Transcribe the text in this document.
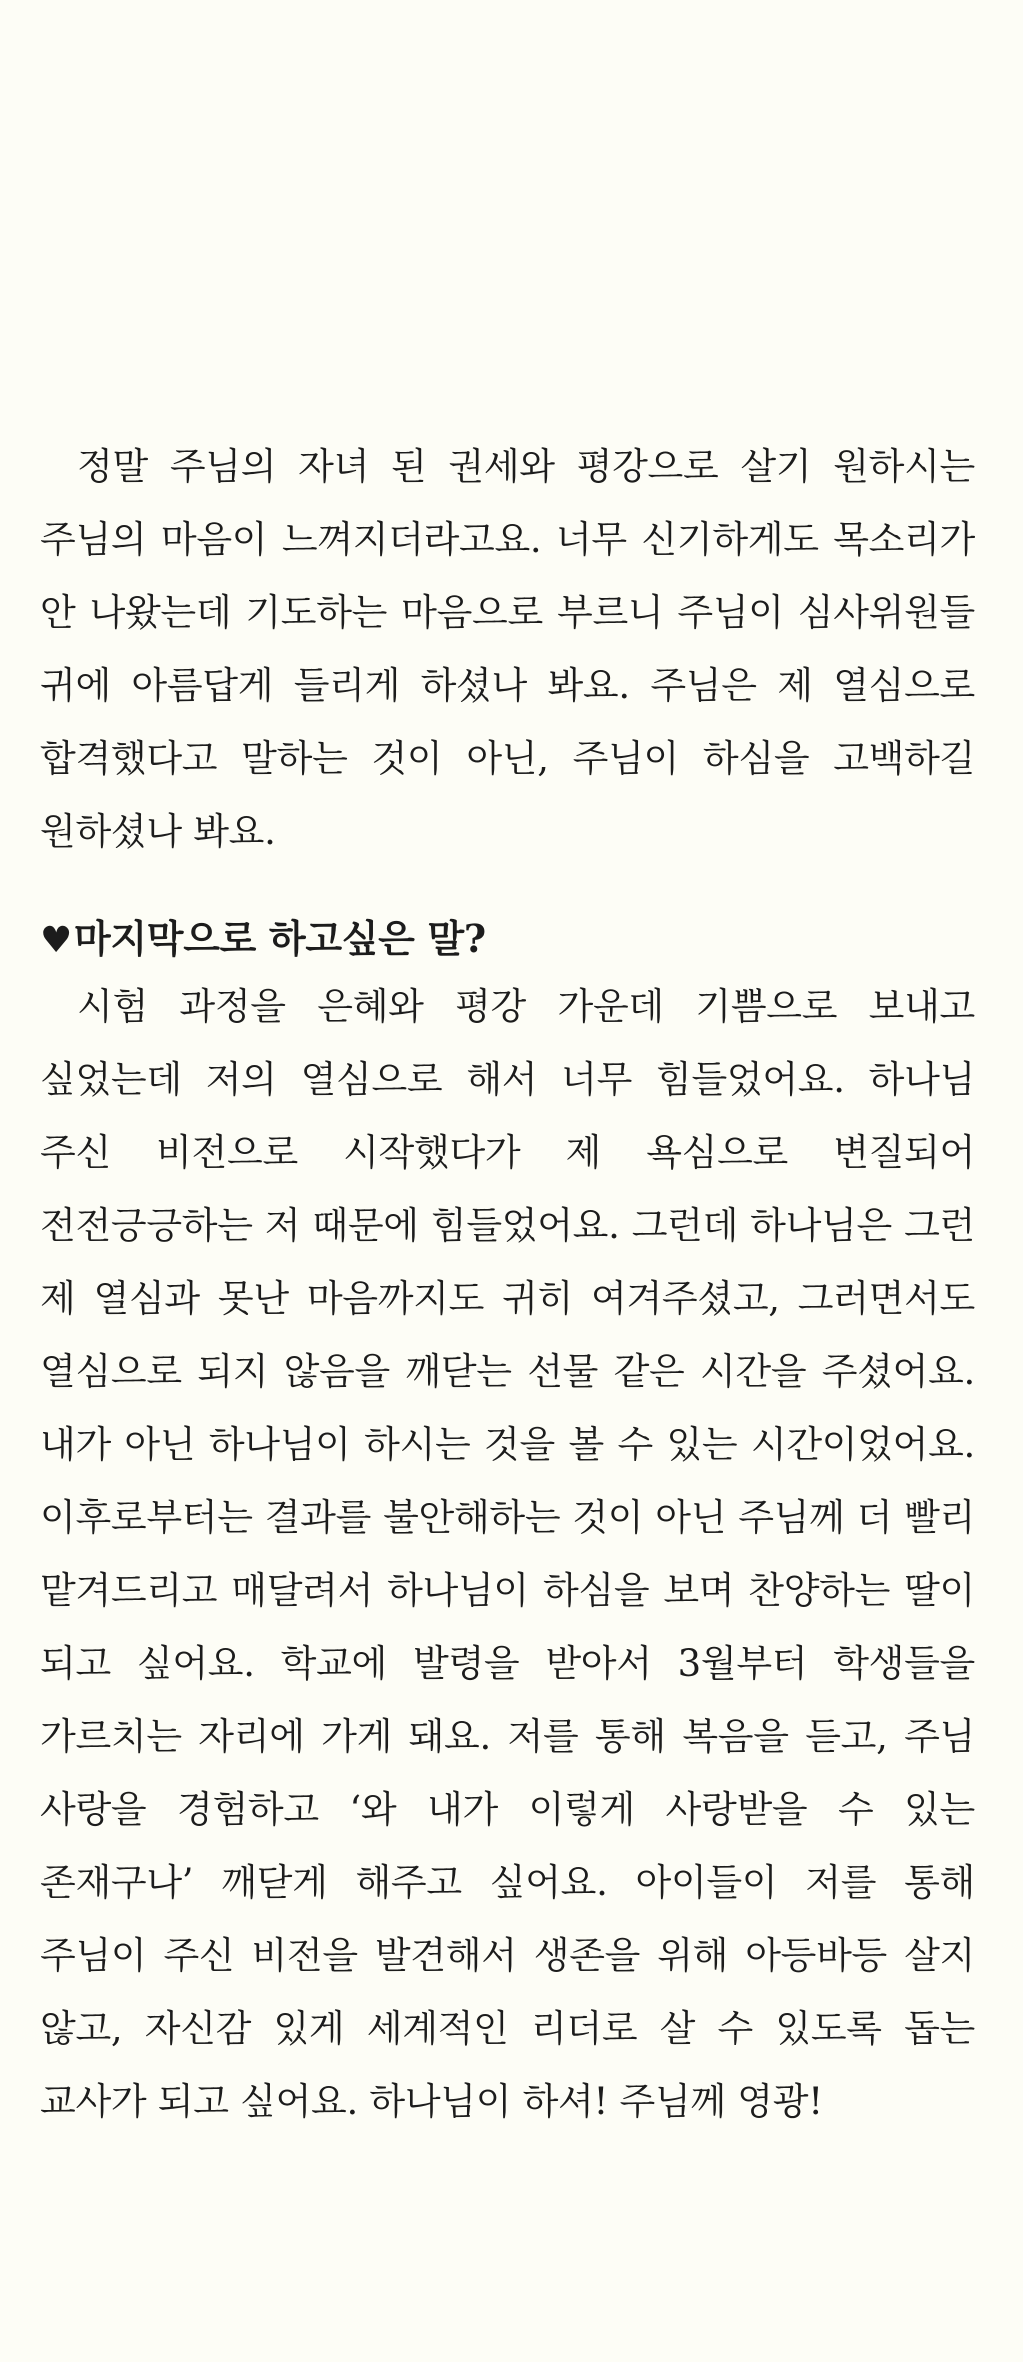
정말 주님의 자녀 된 권세와 평강으로 살기 원하시는 주님의 마음이 느껴지더라고요. 너무 신기하게도 목소리가 안 나왔는데 기도하는 마음으로 부르니 주님이 심사위원들 귀에 아름답게 들리게 하셨나 봐요. 주님은 제 열심으로 합격했다고 말하는 것이 아닌, 주님이 하심을 고백하길 원하셨나 봐요.

♥마지막으로 하고싶은 말?

시험 과정을 은혜와 평강 가운데 기쁨으로 보내고 싶었는데 저의 열심으로 해서 너무 힘들었어요. 하나님 주신 비전으로 시작했다가 제 욕심으로 변질되어 전전긍긍하는 저 때문에 힘들었어요. 그런데 하나님은 그런 제 열심과 못난 마음까지도 귀히 여겨주셨고, 그러면서도 열심으로 되지 않음을 깨닫는 선물 같은 시간을 주셨어요. 내가 아닌 하나님이 하시는 것을 볼 수 있는 시간이었어요. 이후로부터는 결과를 불안해하는 것이 아닌 주님께 더 빨리 맡겨드리고 매달려서 하나님이 하심을 보며 찬양하는 딸이 되고 싶어요. 학교에 발령을 받아서 3월부터 학생들을 가르치는 자리에 가게 돼요. 저를 통해 복음을 듣고, 주님 사랑을 경험하고 ‘와 내가 이렇게 사랑받을 수 있는 존재구나’ 깨닫게 해주고 싶어요. 아이들이 저를 통해 주님이 주신 비전을 발견해서 생존을 위해 아등바등 살지 않고, 자신감 있게 세계적인 리더로 살 수 있도록 돕는 교사가 되고 싶어요. 하나님이 하셔! 주님께 영광!
